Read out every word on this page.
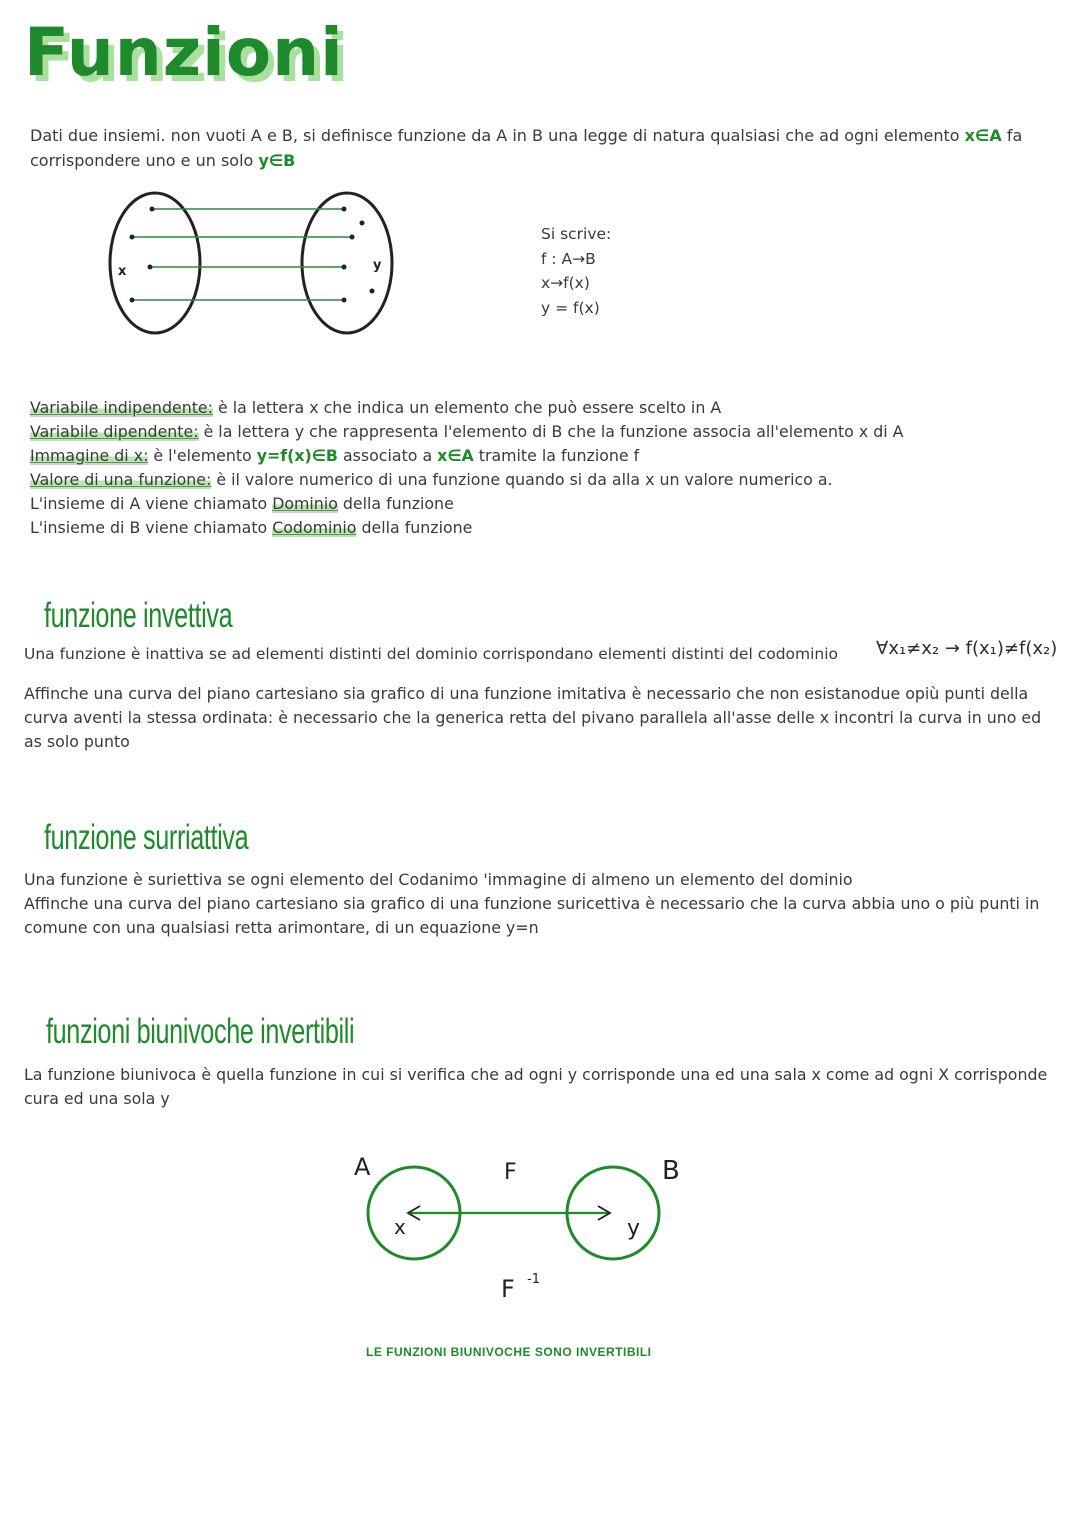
Funzioni
Dati due insiemi. non vuoti A e B, si definisce funzione da A in B una legge di natura qualsiasi che ad ogni elemento x∈A fa
corrispondere uno e un solo y∈B
x	y
Si scrive:
f : A→B
x→f(x)
y = f(x)
Variabile indipendente: è la lettera x che indica un elemento che può essere scelto in A
Variabile dipendente: è la lettera y che rappresenta l'elemento di B che la funzione associa all'elemento x di A
Immagine di x: è l'elemento y=f(x)∈B associato a x∈A tramite la funzione f
Valore di una funzione: è il valore numerico di una funzione quando si da alla x un valore numerico a.
L'insieme di A viene chiamato Dominio della funzione
L'insieme di B viene chiamato Codominio della funzione
funzione invettiva
Una funzione è inattiva se ad elementi distinti del dominio corrispondano elementi distinti del codominio ∀x₁≠x₂ → f(x₁)≠f(x₂)
Affinche una curva del piano cartesiano sia grafico di una funzione imitativa è necessario che non esistanodue opiù punti della
curva aventi la stessa ordinata: è necessario che la generica retta del pivano parallela all'asse delle x incontri la curva in uno ed
as solo punto
funzione surriattiva
Una funzione è suriettiva se ogni elemento del Codanimo 'immagine di almeno un elemento del dominio
Affinche una curva del piano cartesiano sia grafico di una funzione suricettiva è necessario che la curva abbia uno o più punti in
comune con una qualsiasi retta arimontare, di un equazione y=n
funzioni biunivoche invertibili
La funzione biunivoca è quella funzione in cui si verifica che ad ogni y corrisponde una ed una sala x come ad ogni X corrisponde
cura ed una sola y
A	B
x	y
F
F -1
LE FUNZIONI BIUNIVOCHE SONO INVERTIBILI
